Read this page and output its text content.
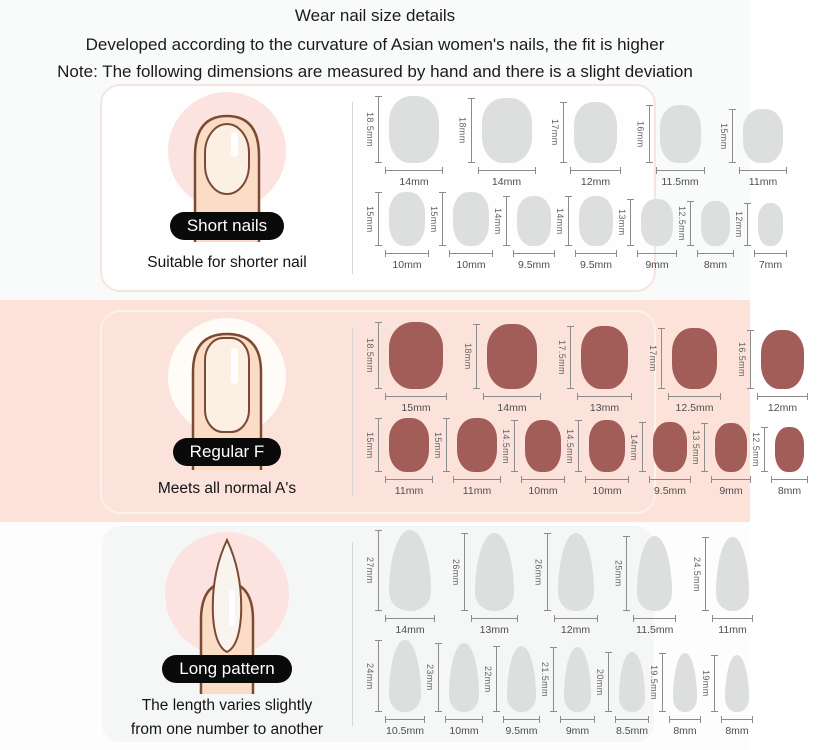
Wear nail size details
Developed according to the curvature of Asian women's nails, the fit is higher
Note: The following dimensions are measured by hand and there is a slight deviation
Short nails
Suitable for shorter nail
18.5mm
14mm
18mm
14mm
17mm
12mm
16mm
11.5mm
15mm
11mm
15mm
10mm
15mm
10mm
14mm
9.5mm
14mm
9.5mm
13mm
9mm
12.5mm
8mm
12mm
7mm
Regular F
Meets all normal A's
18.5mm
15mm
18mm
14mm
17.5mm
13mm
17mm
12.5mm
16.5mm
12mm
15mm
11mm
15mm
11mm
14.5mm
10mm
14.5mm
10mm
14mm
9.5mm
13.5mm
9mm
12.5mm
8mm
Long pattern
The length varies slightly
from one number to another
27mm
14mm
26mm
13mm
26mm
12mm
25mm
11.5mm
24.5mm
11mm
24mm
10.5mm
23mm
10mm
22mm
9.5mm
21.5mm
9mm
20mm
8.5mm
19.5mm
8mm
19mm
8mm
